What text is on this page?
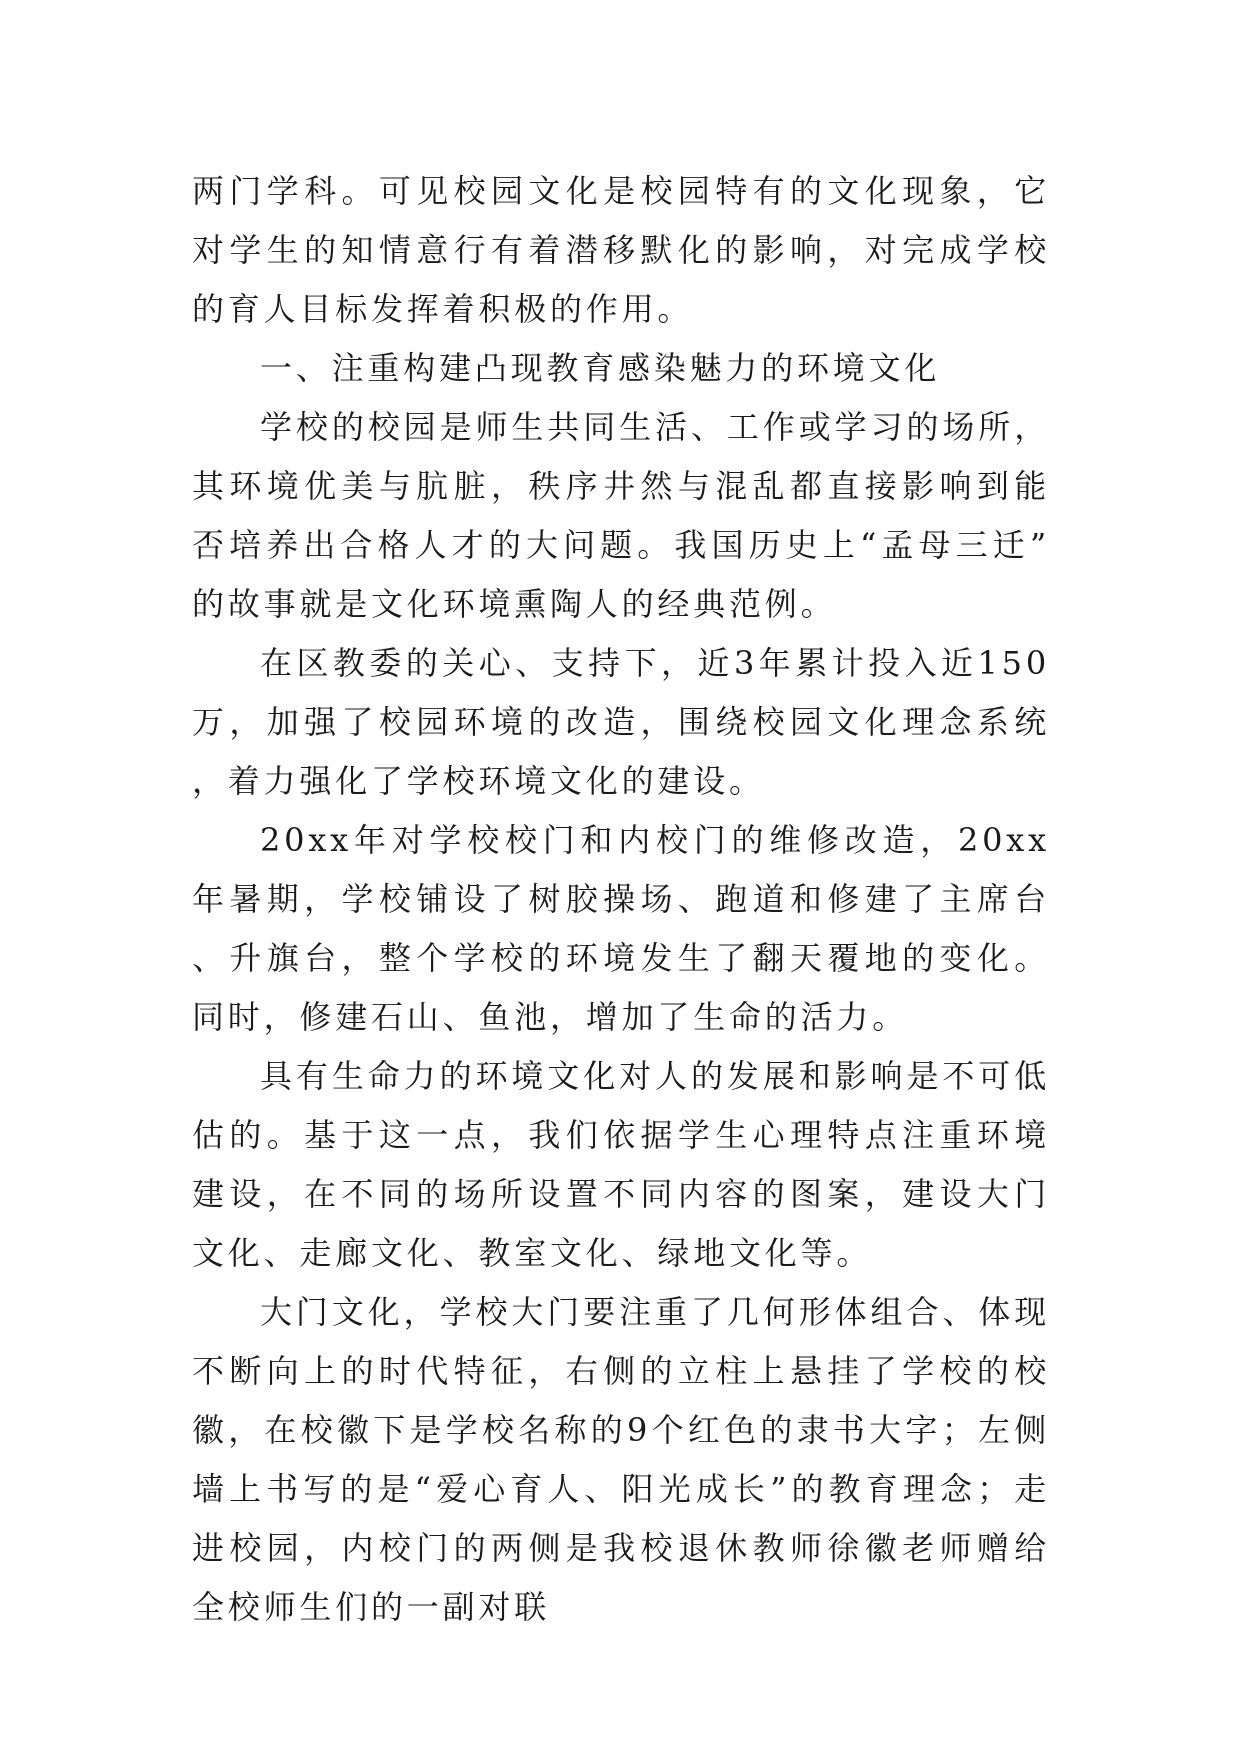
两门学科。可见校园文化是校园特有的文化现象，它对学生的知情意行有着潜移默化的影响，对完成学校的育人目标发挥着积极的作用。

一、注重构建凸现教育感染魅力的环境文化

学校的校园是师生共同生活、工作或学习的场所，其环境优美与肮脏，秩序井然与混乱都直接影响到能否培养出合格人才的大问题。我国历史上“孟母三迁”的故事就是文化环境熏陶人的经典范例。

在区教委的关心、支持下，近3年累计投入近150万，加强了校园环境的改造，围绕校园文化理念系统，着力强化了学校环境文化的建设。

20xx年对学校校门和内校门的维修改造，20xx年暑期，学校铺设了树胶操场、跑道和修建了主席台、升旗台，整个学校的环境发生了翻天覆地的变化。同时，修建石山、鱼池，增加了生命的活力。

具有生命力的环境文化对人的发展和影响是不可低估的。基于这一点，我们依据学生心理特点注重环境建设，在不同的场所设置不同内容的图案，建设大门文化、走廊文化、教室文化、绿地文化等。

大门文化，学校大门要注重了几何形体组合、体现不断向上的时代特征，右侧的立柱上悬挂了学校的校徽，在校徽下是学校名称的9个红色的隶书大字；左侧墙上书写的是“爱心育人、阳光成长”的教育理念；走进校园，内校门的两侧是我校退休教师徐徽老师赠给全校师生们的一副对联
